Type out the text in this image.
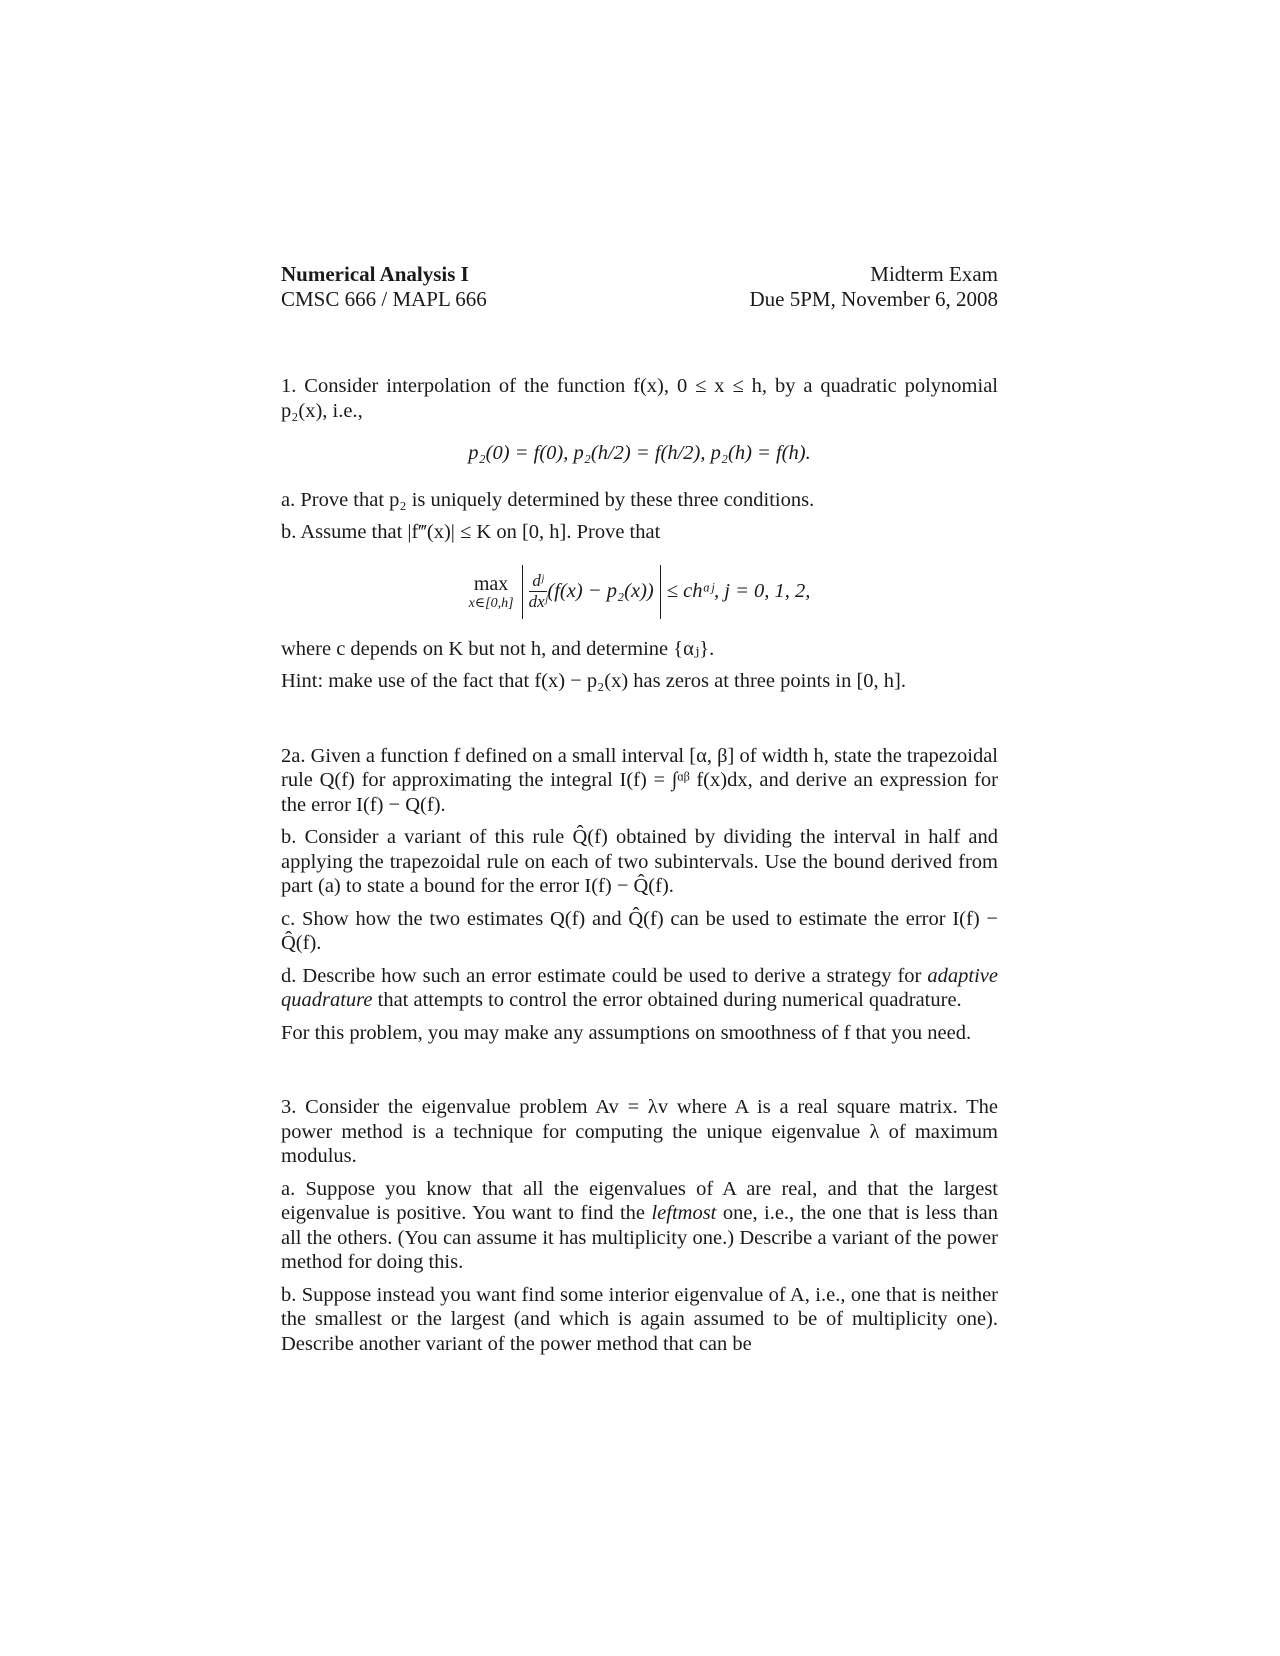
Numerical Analysis I
CMSC 666 / MAPL 666
Midterm Exam
Due 5PM, November 6, 2008

1. Consider interpolation of the function f(x), 0 ≤ x ≤ h, by a quadratic polynomial p₂(x), i.e.,

p₂(0) = f(0), p₂(h/2) = f(h/2), p₂(h) = f(h).

a. Prove that p₂ is uniquely determined by these three conditions.

b. Assume that |f‴(x)| ≤ K on [0, h]. Prove that

max
x∈[0,h] $\frac{\text{dʲ}}{\text{dxʲ}} (f(x) - p_2(x))$ ≤ chᵅʲ, j = 0, 1, 2,

where c depends on K but not h, and determine {αⱼ}.

Hint: make use of the fact that f(x) − p₂(x) has zeros at three points in [0, h].

2a. Given a function f defined on a small interval [α, β] of width h, state the trapezoidal rule Q(f) for approximating the integral I(f) = ∫ᵅᵝ f(x)dx, and derive an expression for the error I(f) − Q(f).

b. Consider a variant of this rule Q̂(f) obtained by dividing the interval in half and applying the trapezoidal rule on each of two subintervals. Use the bound derived from part (a) to state a bound for the error I(f) − Q̂(f).

c. Show how the two estimates Q(f) and Q̂(f) can be used to estimate the error I(f) − Q̂(f).

d. Describe how such an error estimate could be used to derive a strategy for adaptive quadrature that attempts to control the error obtained during numerical quadrature.

For this problem, you may make any assumptions on smoothness of f that you need.

3. Consider the eigenvalue problem Av = λv where A is a real square matrix. The power method is a technique for computing the unique eigenvalue λ of maximum modulus.

a. Suppose you know that all the eigenvalues of A are real, and that the largest eigenvalue is positive. You want to find the leftmost one, i.e., the one that is less than all the others. (You can assume it has multiplicity one.) Describe a variant of the power method for doing this.

b. Suppose instead you want find some interior eigenvalue of A, i.e., one that is neither the smallest or the largest (and which is again assumed to be of multiplicity one). Describe another variant of the power method that can be
